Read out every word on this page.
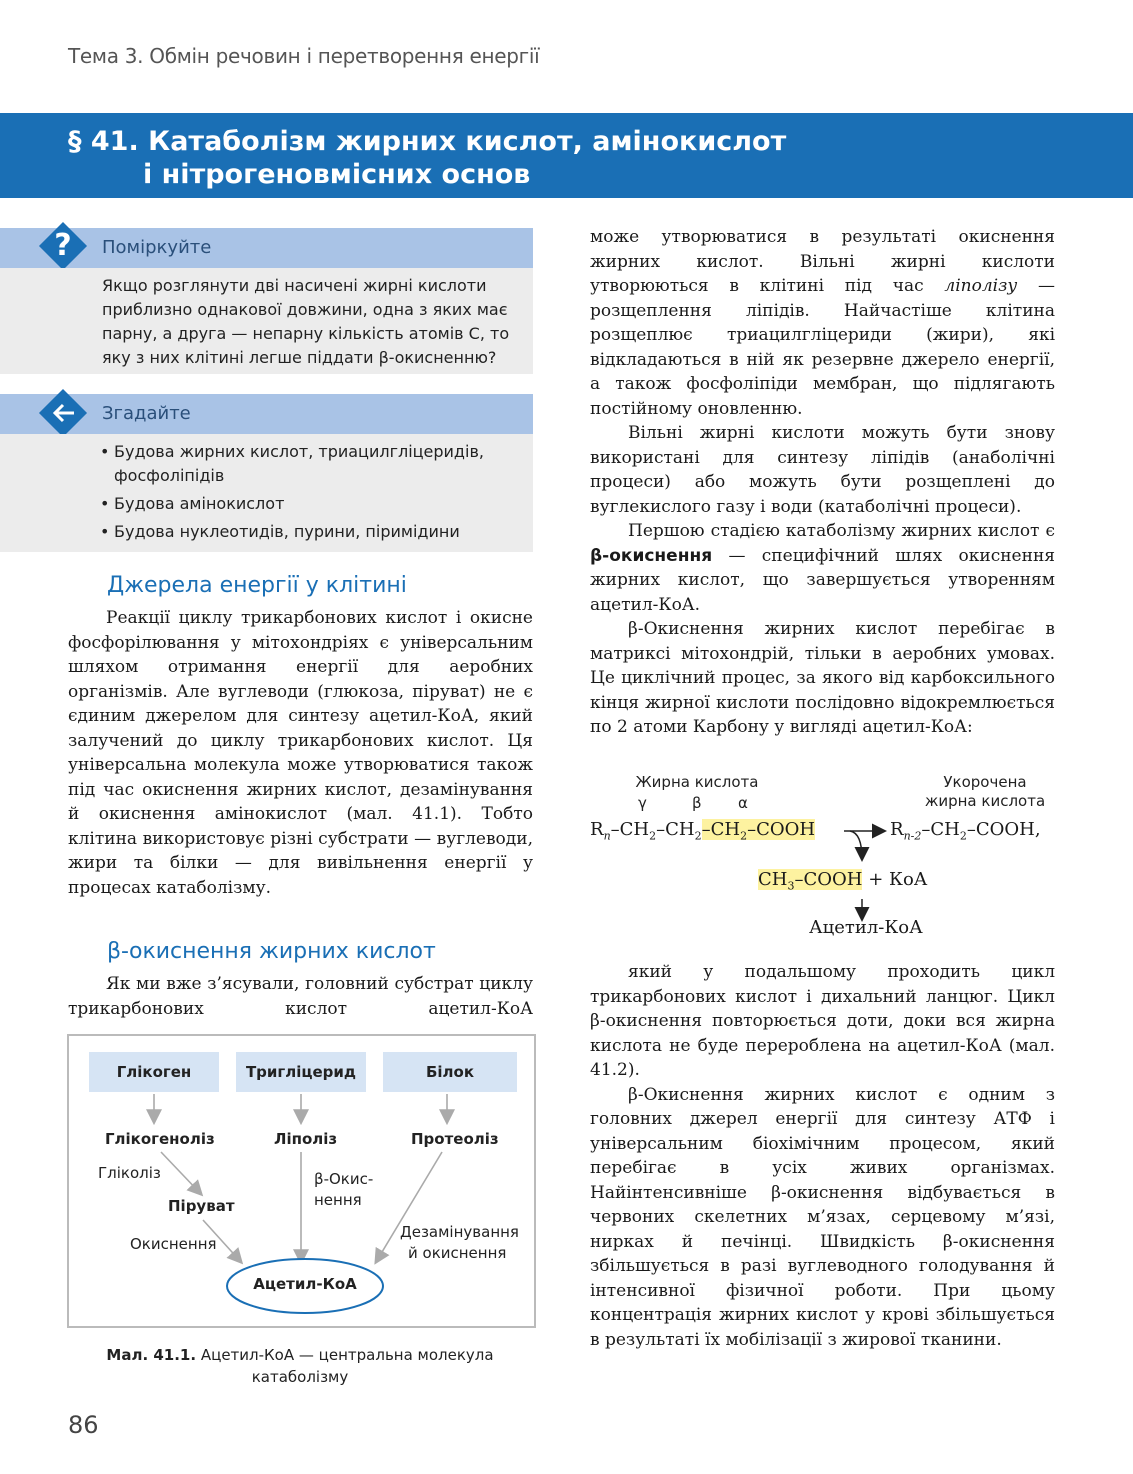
Тема 3. Обмін речовин і перетворення енергії
§ 41. Катаболізм жирних кислот, амінокислот
і нітрогеновмісних основ
Поміркуйте
?
Якщо розглянути дві насичені жирні кислоти приблизно однакової довжини, одна з яких має парну, а друга — непарну кількість атомів С, то яку з них клітині легше піддати β-окисненню?
Згадайте
• Будова жирних кислот, триацилгліцеридів, фосфоліпідів
• Будова амінокислот
• Будова нуклеотидів, пурини, піримідини
Джерела енергії у клітині

Реакції циклу трикарбонових кислот і окисне фосфорілювання у мітохондріях є універсальним шляхом отримання енергії для аеробних організмів. Але вуглеводи (глюкоза, піруват) не є єдиним джерелом для синтезу ацетил-КоА, який залучений до циклу трикарбонових кислот. Ця універсальна молекула може утворюватися також під час окиснення жирних кислот, дезамінування й окиснення амінокислот (мал. 41.1). Тобто клітина використовує різні субстрати — вуглеводи, жири та білки — для вивільнення енергії у процесах катаболізму.

β-окиснення жирних кислот

Як ми вже з’ясували, головний субстрат циклу трикарбонових кислот ацетил-КоА

Глікоген	Тригліцерид	Білок
Глікогеноліз	Ліполіз	Протеоліз
Гліколіз
Піруват
Окиснення
β-Окис-
нення
Дезамінування
й окиснення
Ацетил-КоА
Мал. 41.1. Ацетил-КоА — центральна молекула катаболізму

може утворюватися в результаті окиснення жирних кислот. Вільні жирні кислоти утворюються в клітині під час ліполізу — розщеплення ліпідів. Найчастіше клітина розщеплює триацилгліцериди (жири), які відкладаються в ній як резервне джерело енергії, а також фосфоліпіди мембран, що підлягають постійному оновленню.

Вільні жирні кислоти можуть бути знову використані для синтезу ліпідів (анаболічні процеси) або можуть бути розщеплені до вуглекислого газу і води (катаболічні процеси).

Першою стадією катаболізму жирних кислот є β-окиснення — специфічний шлях окиснення жирних кислот, що завершується утворенням ацетил-КоА.

β-Окиснення жирних кислот перебігає в матриксі мітохондрій, тільки в аеробних умовах. Це циклічний процес, за якого від карбоксильного кінця жирної кислоти послідовно відокремлюється по 2 атоми Карбону у вигляді ацетил-КоА:

Жирна кислота
γ	β α
Укорочена
жирна кислота
$R_n-CH_2-CH_2-CH_2$–COOH	$R_{n-2}-CH_2$–COOH,
$CH_3$–COOH + КоА
Ацетил-КоА

який у подальшому проходить цикл трикарбонових кислот і дихальний ланцюг. Цикл β-окиснення повторюється доти, доки вся жирна кислота не буде перероблена на ацетил-КоА (мал. 41.2).

β-Окиснення жирних кислот є одним з головних джерел енергії для синтезу АТФ і універсальним біохімічним процесом, який перебігає в усіх живих організмах. Найінтенсивніше β-окиснення відбувається в червоних скелетних м’язах, серцевому м’язі, нирках й печінці. Швидкість β-окиснення збільшується в разі вуглеводного голодування й інтенсивної фізичної роботи. При цьому концентрація жирних кислот у крові збільшується в результаті їх мобілізації з жирової тканини.

86
